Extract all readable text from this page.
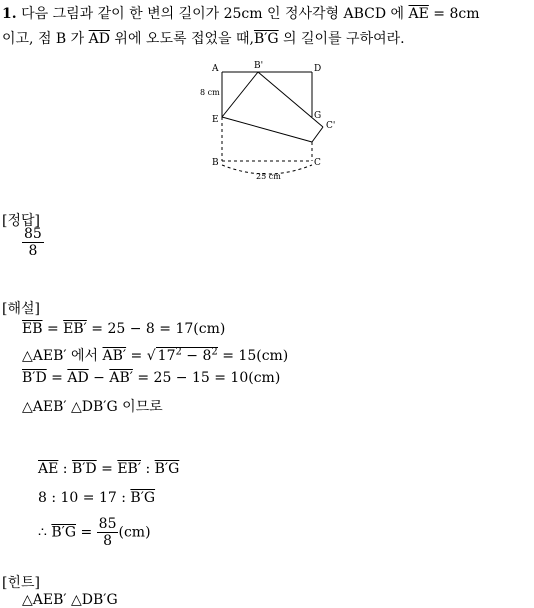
1. 다음 그림과 같이 한 변의 길이가 25cm 인 정사각형 ABCD 에 $\overline{AE} = 8cm$
이고, 점 B 가 $\overline{AD}$ 위에 오도록 접었을 때,B′G 의 길이를 구하여라.
A	B'	D
E	G
C'
B	C
8 cm
25 cm
[정답]
$\frac{85}{8}$
[해설]
$\overline{EB} = EB' = 25 - 8 = 17(cm)$
△AEB′ 에서 AB′ = √ $17^2 - 8^2 = 15(cm)$
$B'D = \overline{AD} - AB' = 25 - 15 = 10(cm)$
△AEB′ △DB′G 이므로
$\overline{AE}$ : B′D = EB′ : B′G
8 : 10 = 17 : B′G
∴ $B'G = \frac{85}{8} (cm)$
[힌트]
△AEB′ △DB′G
